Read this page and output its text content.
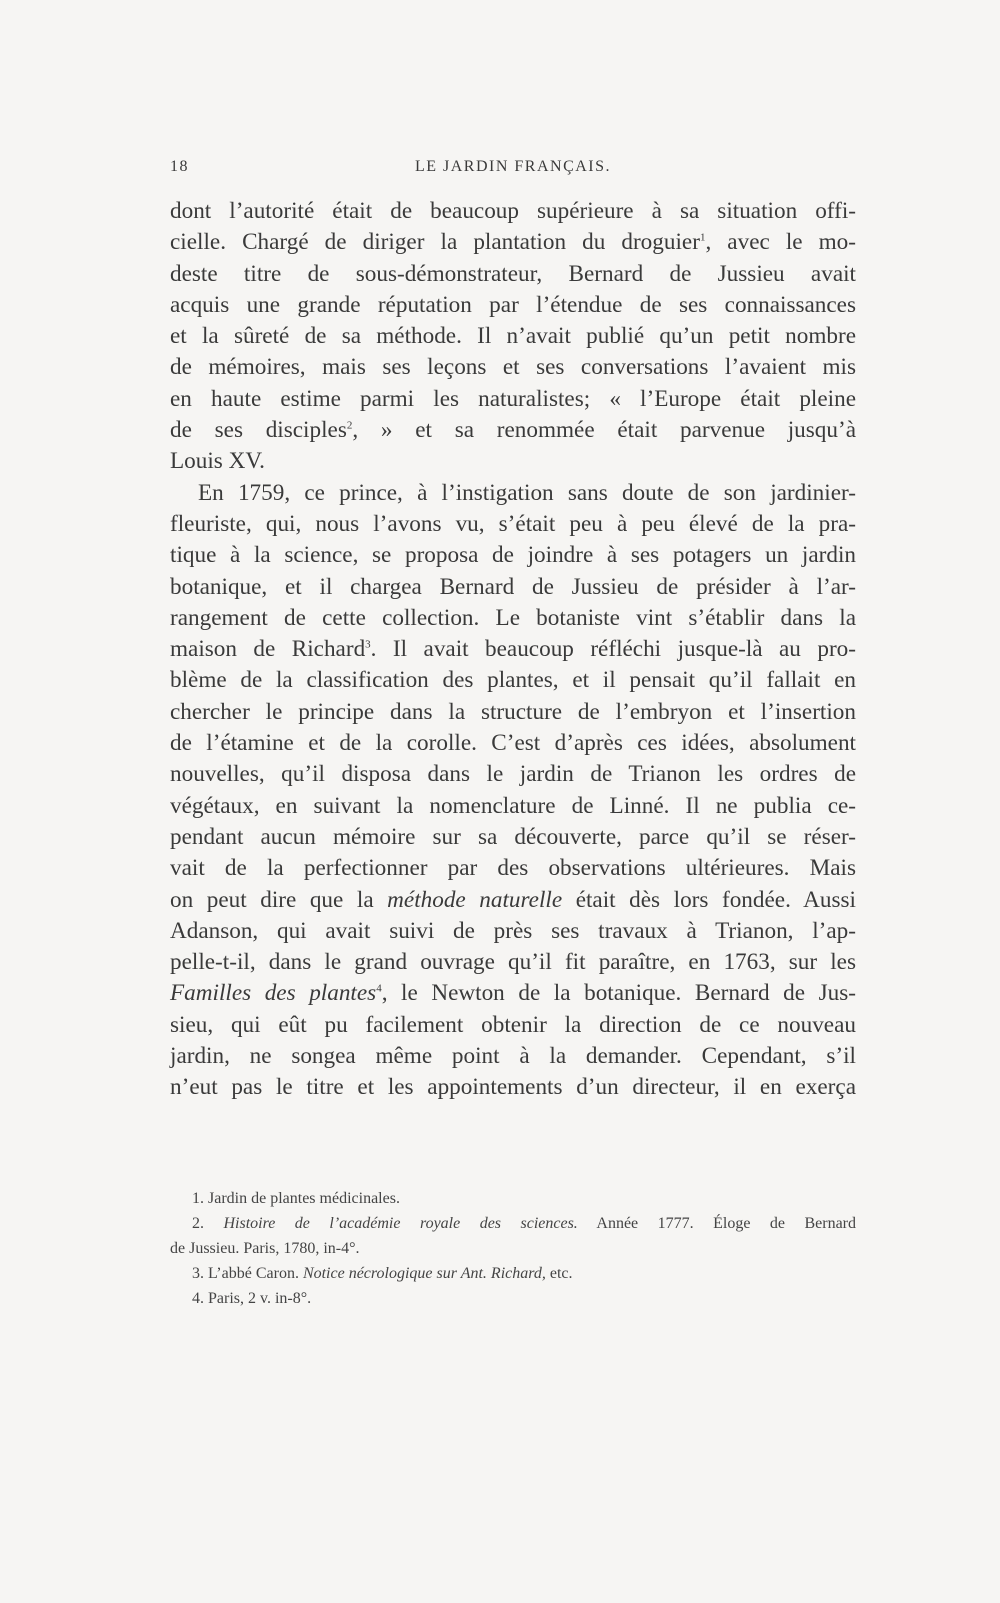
18	LE JARDIN FRANÇAIS.

dont l’autorité était de beaucoup supérieure à sa situation offi-
cielle. Chargé de diriger la plantation du droguier$^1$, avec le mo-
deste titre de sous-démonstrateur, Bernard de Jussieu avait
acquis une grande réputation par l’étendue de ses connaissances
et la sûreté de sa méthode. Il n’avait publié qu’un petit nombre
de mémoires, mais ses leçons et ses conversations l’avaient mis
en haute estime parmi les naturalistes; « l’Europe était pleine
de ses disciples$^2$, » et sa renommée était parvenue jusqu’à
Louis XV.

En 1759, ce prince, à l’instigation sans doute de son jardinier-
fleuriste, qui, nous l’avons vu, s’était peu à peu élevé de la pra-
tique à la science, se proposa de joindre à ses potagers un jardin
botanique, et il chargea Bernard de Jussieu de présider à l’ar-
rangement de cette collection. Le botaniste vint s’établir dans la
maison de Richard$^3$. Il avait beaucoup réfléchi jusque-là au pro-
blème de la classification des plantes, et il pensait qu’il fallait en
chercher le principe dans la structure de l’embryon et l’insertion
de l’étamine et de la corolle. C’est d’après ces idées, absolument
nouvelles, qu’il disposa dans le jardin de Trianon les ordres de
végétaux, en suivant la nomenclature de Linné. Il ne publia ce-
pendant aucun mémoire sur sa découverte, parce qu’il se réser-
vait de la perfectionner par des observations ultérieures. Mais
on peut dire que la méthode naturelle était dès lors fondée. Aussi
Adanson, qui avait suivi de près ses travaux à Trianon, l’ap-
pelle-t-il, dans le grand ouvrage qu’il fit paraître, en 1763, sur les
Familles des plantes$^4$, le Newton de la botanique. Bernard de Jus-
sieu, qui eût pu facilement obtenir la direction de ce nouveau
jardin, ne songea même point à la demander. Cependant, s’il
n’eut pas le titre et les appointements d’un directeur, il en exerça

1. Jardin de plantes médicinales.
2. Histoire de l’académie royale des sciences. Année 1777. Éloge de Bernard
de Jussieu. Paris, 1780, in-4°.
3. L’abbé Caron. Notice nécrologique sur Ant. Richard, etc.
4. Paris, 2 v. in-8°.
